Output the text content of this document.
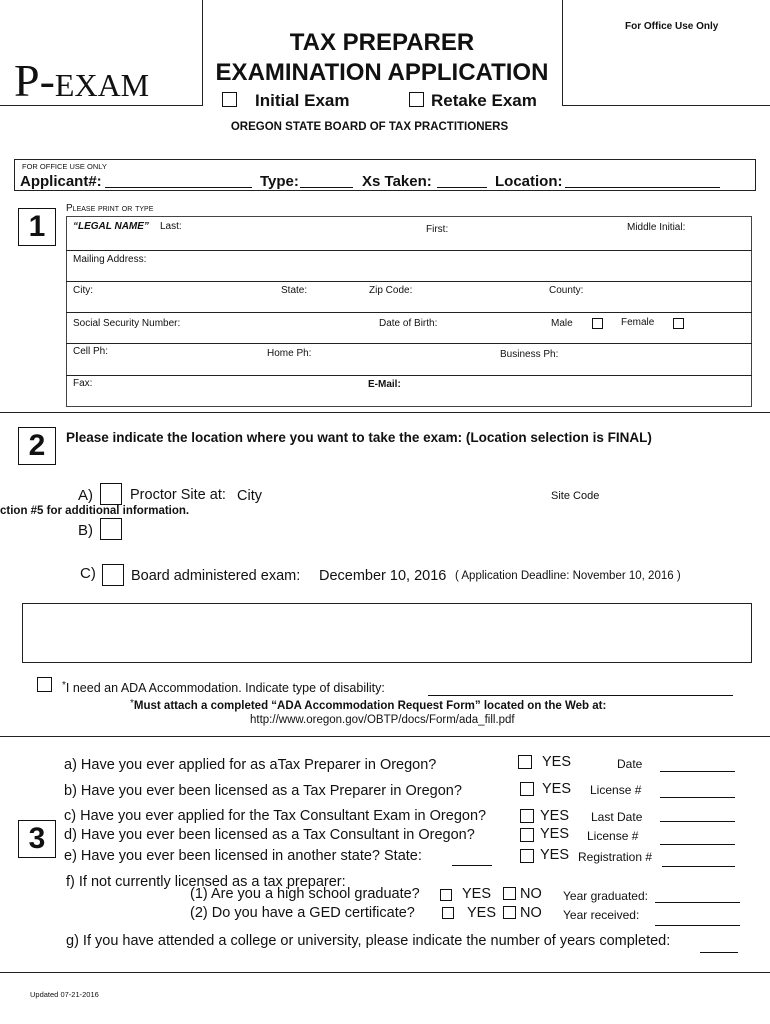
P-EXAM
TAX PREPARER
EXAMINATION APPLICATION
Initial Exam	Retake Exam
OREGON STATE BOARD OF TAX PRACTITIONERS
For Office Use Only
FOR OFFICE USE ONLY
Applicant#:	Type:	Xs Taken:	Location:
1
Please print or type
“LEGAL NAME” Last:	First:	Middle Initial:
Mailing Address:
City:	State:	Zip Code:	County:
Social Security Number:	Date of Birth:	Male	Female
Cell Ph:	Home Ph:	Business Ph:
Fax:	E-Mail:
2	Please indicate the location where you want to take the exam: (Location selection is FINAL)
A)	Proctor Site at: City	Site Code
ction #5 for additional information.
B)
C) Board administered exam: December 10, 2016 ( Application Deadline: November 10, 2016 )
*I need an ADA Accommodation. Indicate type of disability:
*Must attach a completed “ADA Accommodation Request Form” located on the Web at:
http://www.oregon.gov/OBTP/docs/Form/ada_fill.pdf
3
a) Have you ever applied for as aTax Preparer in Oregon?	YES	Date
b) Have you ever been licensed as a Tax Preparer in Oregon?	YES License #
c) Have you ever applied for the Tax Consultant Exam in Oregon?	YES Last Date
d) Have you ever been licensed as a Tax Consultant in Oregon?	YES License #
e) Have you ever been licensed in another state? State:	YES Registration #
f) If not currently licensed as a tax preparer:
(1) Are you a high school graduate?	YES NO Year graduated:
(2) Do you have a GED certificate?	YES NO Year received:
g) If you have attended a college or university, please indicate the number of years completed:
Updated 07-21-2016
